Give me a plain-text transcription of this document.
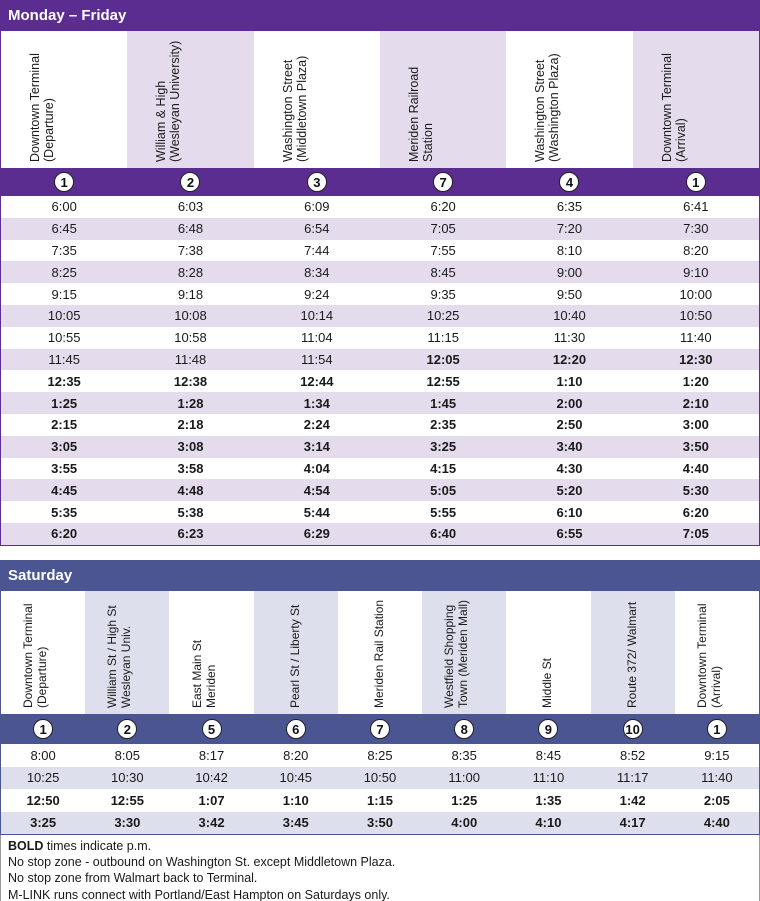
Monday – Friday
Downtown Terminal (Departure)	William & High (Wesleyan University)	Washington Street (Middletown Plaza)	Meriden Railroad Station	Washington Street (Washington Plaza)	Downtown Terminal (Arrival)
1	2	3	7	4	1
6:00	6:03	6:09	6:20	6:35	6:41
6:45	6:48	6:54	7:05	7:20	7:30
7:35	7:38	7:44	7:55	8:10	8:20
8:25	8:28	8:34	8:45	9:00	9:10
9:15	9:18	9:24	9:35	9:50	10:00
10:05	10:08	10:14	10:25	10:40	10:50
10:55	10:58	11:04	11:15	11:30	11:40
11:45	11:48	11:54	12:05	12:20	12:30
12:35	12:38	12:44	12:55	1:10	1:20
1:25	1:28	1:34	1:45	2:00	2:10
2:15	2:18	2:24	2:35	2:50	3:00
3:05	3:08	3:14	3:25	3:40	3:50
3:55	3:58	4:04	4:15	4:30	4:40
4:45	4:48	4:54	5:05	5:20	5:30
5:35	5:38	5:44	5:55	6:10	6:20
6:20	6:23	6:29	6:40	6:55	7:05
Saturday
Downtown Terminal (Departure)	William St / High St Wesleyan Univ.	East Main St Meriden	Pearl St / Liberty St	Meriden Rail Station	Westfield Shopping Town (Meriden Mall)	Middle St	Route 372/ Walmart	Downtown Terminal (Arrival)
1	2	5	6	7	8	9	10	1
8:00	8:05	8:17	8:20	8:25	8:35	8:45	8:52	9:15
10:25	10:30	10:42	10:45	10:50	11:00	11:10	11:17	11:40
12:50	12:55	1:07	1:10	1:15	1:25	1:35	1:42	2:05
3:25	3:30	3:42	3:45	3:50	4:00	4:10	4:17	4:40
BOLD times indicate p.m.
No stop zone - outbound on Washington St. except Middletown Plaza.
No stop zone from Walmart back to Terminal.
M-LINK runs connect with Portland/East Hampton on Saturdays only.
